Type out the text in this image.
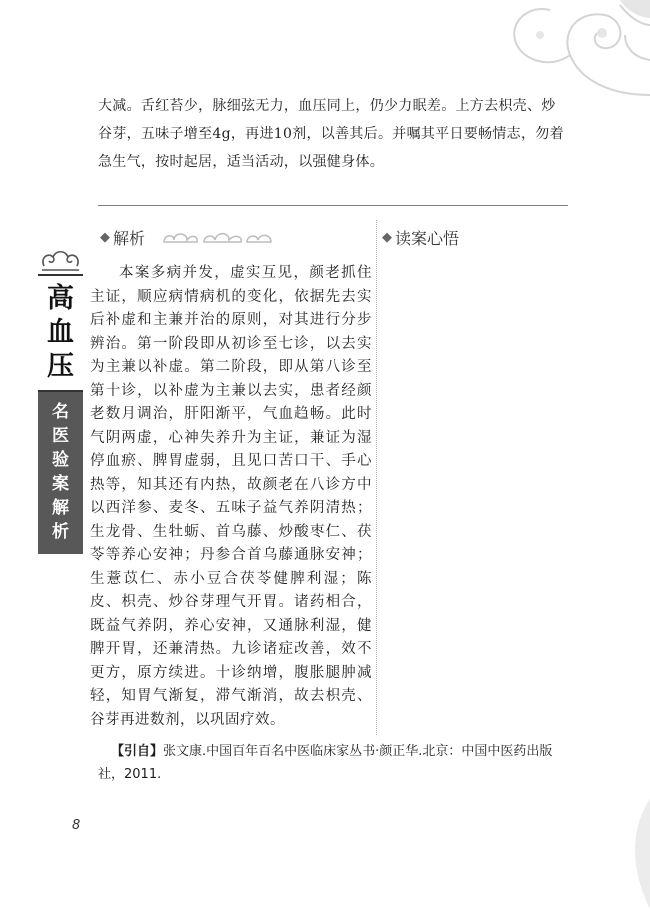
大减。舌红苔少，脉细弦无力，血压同上，仍少力眠差。上方去枳壳、炒谷芽，五味子增至4g，再进10剂，以善其后。并嘱其平日要畅情志，勿着急生气，按时起居，适当活动，以强健身体。
◆ 解析	◆ 读案心悟

本案多病并发，虚实互见，颜老抓住主证，顺应病情病机的变化，依据先去实后补虚和主兼并治的原则，对其进行分步辨治。第一阶段即从初诊至七诊，以去实为主兼以补虚。第二阶段，即从第八诊至第十诊，以补虚为主兼以去实，患者经颜老数月调治，肝阳渐平，气血趋畅。此时气阴两虚，心神失养升为主证，兼证为湿停血瘀、脾胃虚弱，且见口苦口干、手心热等，知其还有内热，故颜老在八诊方中以西洋参、麦冬、五味子益气养阴清热；生龙骨、生牡蛎、首乌藤、炒酸枣仁、茯苓等养心安神；丹参合首乌藤通脉安神；生薏苡仁、赤小豆合茯苓健脾利湿；陈皮、枳壳、炒谷芽理气开胃。诸药相合，既益气养阴，养心安神，又通脉利湿，健脾开胃，还兼清热。九诊诸症改善，效不更方，原方续进。十诊纳增，腹胀腿肿减轻，知胃气渐复，滞气渐消，故去枳壳、谷芽再进数剂，以巩固疗效。

【引自】张文康.中国百年百名中医临床家丛书·颜正华.北京：中国中医药出版社，2011.
高
血
压
名
医
验
案
解
析
8
